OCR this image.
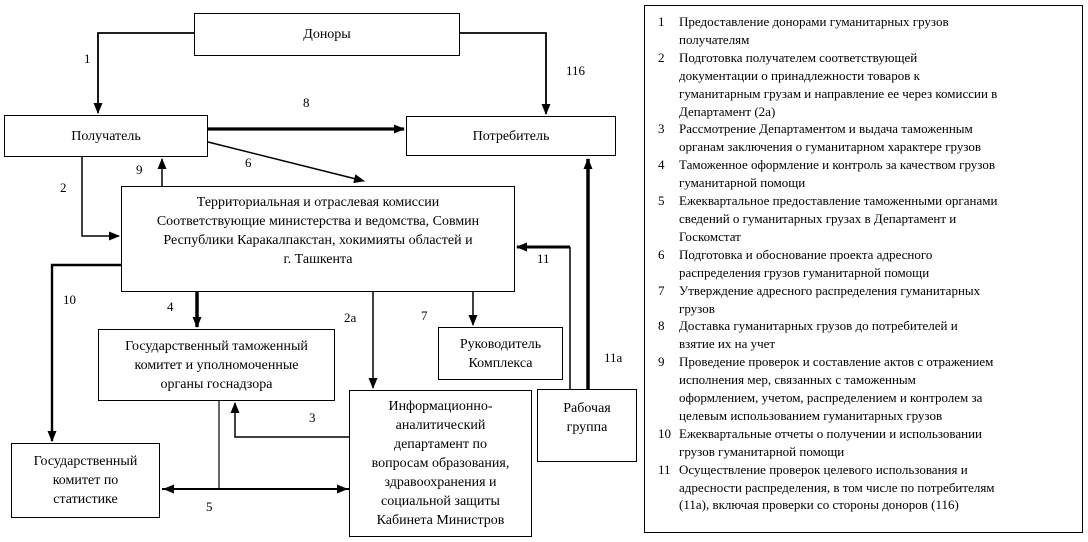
Доноры
Получатель	Потребитель
Территориальная и отраслевая комиссии
Соответствующие министерства и ведомства, Совмин
Республики Каракалпакстан, хокимияты областей и
г. Ташкента
Государственный таможенный
комитет и уполномоченные
органы госнадзора
Руководитель
Комплекса
Информационно-
аналитический
департамент по
вопросам образования,
здравоохранения и
социальной защиты
Кабинета Министров
Рабочая
группа
Государственный
комитет по
статистике
1
2
2а
3
4
5
6
7
8
9
10
11
11а
116
1	Предоставление донорами гуманитарных грузов
получателям
2	Подготовка получателем соответствующей
документации о принадлежности товаров к
гуманитарным грузам и направление ее через комиссии в
Департамент (2а)
3	Рассмотрение Департаментом и выдача таможенным
органам заключения о гуманитарном характере грузов
4	Таможенное оформление и контроль за качеством грузов
гуманитарной помощи
5	Ежеквартальное предоставление таможенными органами
сведений о гуманитарных грузах в Департамент и
Госкомстат
6	Подготовка и обоснование проекта адресного
распределения грузов гуманитарной помощи
7	Утверждение адресного распределения гуманитарных
грузов
8	Доставка гуманитарных грузов до потребителей и
взятие их на учет
9	Проведение проверок и составление актов с отражением
исполнения мер, связанных с таможенным
оформлением, учетом, распределением и контролем за
целевым использованием гуманитарных грузов
10 Ежеквартальные отчеты о получении и использовании
грузов гуманитарной помощи
11 Осуществление проверок целевого использования и
адресности распределения, в том числе по потребителям
(11а), включая проверки со стороны доноров (116)
